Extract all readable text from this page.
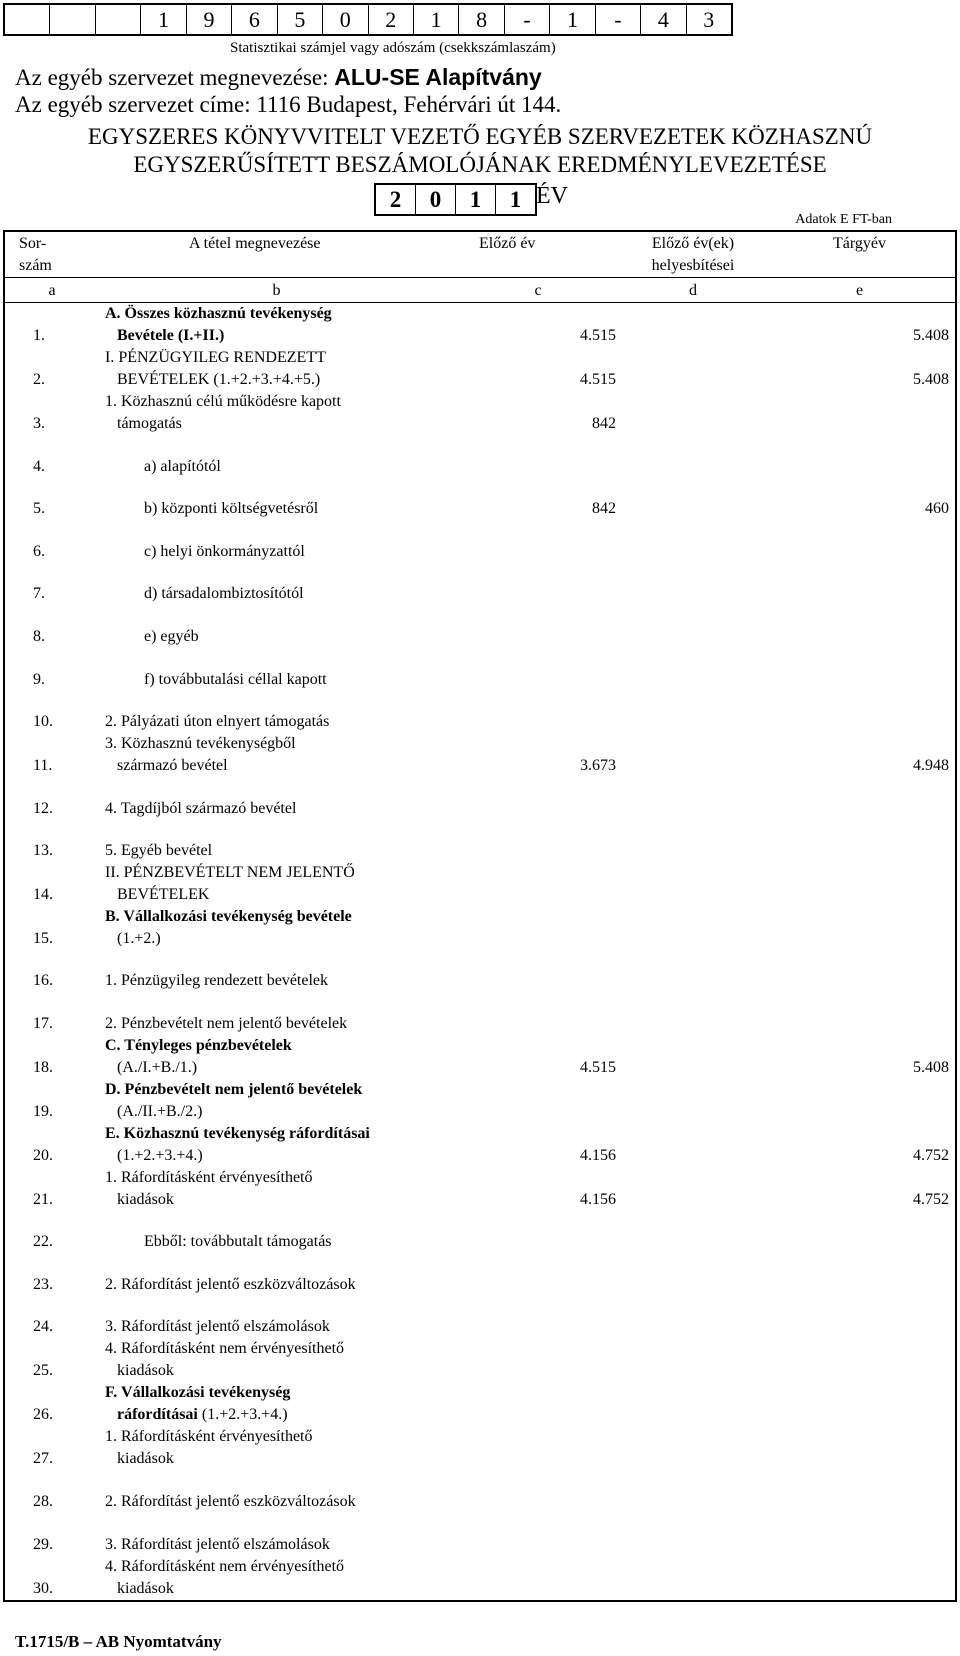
1	9	6	5	0	2	1	8	-	1	-	4	3
Statisztikai számjel vagy adószám (csekkszámlaszám)
Az egyéb szervezet megnevezése: ALU-SE Alapítvány
Az egyéb szervezet címe: 1116 Budapest, Fehérvári út 144.
EGYSZERES KÖNYVVITELT VEZETŐ EGYÉB SZERVEZETEK KÖZHASZNÚ
EGYSZERŰSÍTETT BESZÁMOLÓJÁNAK EREDMÉNYLEVEZETÉSE
2	0	1	1 ÉV
Adatok E FT-ban
Sor-
szám	A tétel megnevezése	Előző év	Előző év(ek)
helyesbítései	Tárgyév
a	b	c	d	e
1.	A. Összes közhasznú tevékenység
Bevétele (I.+II.)	4.515		5.408
2.	I. PÉNZÜGYILEG RENDEZETT
BEVÉTELEK (1.+2.+3.+4.+5.)	4.515		5.408
3.	1. Közhasznú célú működésre kapott
támogatás	842		
4.	a) alapítótól			

5.	b) központi költségvetésről	842		460
6.	c) helyi önkormányzattól			

7.	d) társadalombiztosítótól			

8.	e) egyéb			

9.	f) továbbutalási céllal kapott			

10.	2. Pályázati úton elnyert támogatás			

11.	3. Közhasznú tevékenységből
származó bevétel	3.673		4.948
12.	4. Tagdíjból származó bevétel			

13.	5. Egyéb bevétel			

14.	II. PÉNZBEVÉTELT NEM JELENTŐ
BEVÉTELEK			

15.	B. Vállalkozási tevékenység bevétele
(1.+2.)			

16.	1. Pénzügyileg rendezett bevételek			

17.	2. Pénzbevételt nem jelentő bevételek			

18.	C. Tényleges pénzbevételek
(A./I.+B./1.)	4.515		5.408
19.	D. Pénzbevételt nem jelentő bevételek
(A./II.+B./2.)			

20.	E. Közhasznú tevékenység ráfordításai
(1.+2.+3.+4.)	4.156		4.752
21.	1. Ráfordításként érvényesíthető
kiadások	4.156		4.752
22.	Ebből: továbbutalt támogatás			

23.	2. Ráfordítást jelentő eszközváltozások			

24.	3. Ráfordítást jelentő elszámolások			

25.	4. Ráfordításként nem érvényesíthető
kiadások			

26.	F. Vállalkozási tevékenység
ráfordításai (1.+2.+3.+4.)			

27.	1. Ráfordításként érvényesíthető
kiadások			

28.	2. Ráfordítást jelentő eszközváltozások			

29.	3. Ráfordítást jelentő elszámolások			

30.	4. Ráfordításként nem érvényesíthető
kiadások			

T.1715/B – AB Nyomtatvány
